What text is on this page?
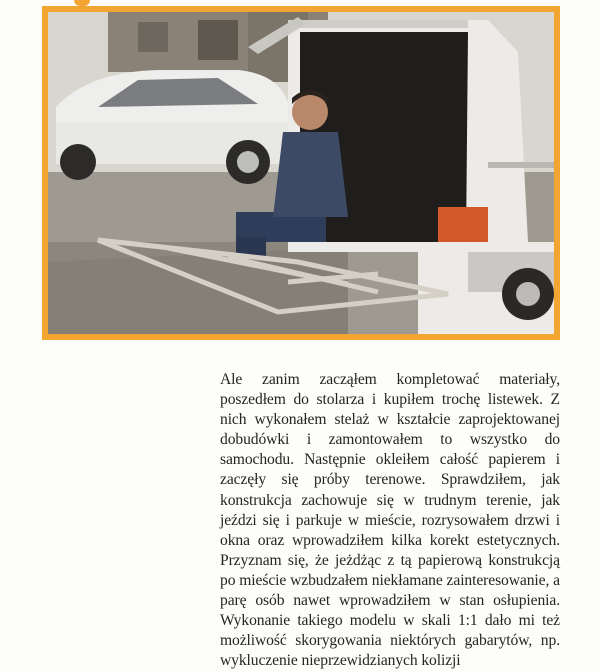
Ale zanim zacząłem kompletować materiały, poszedłem do stolarza i kupiłem trochę listewek. Z nich wykonałem stelaż w kształcie zaprojektowanej dobudówki i zamontowałem to wszystko do samochodu. Następnie okleiłem całość papierem i zaczęły się próby terenowe. Sprawdziłem, jak konstrukcja zachowuje się w trudnym terenie, jak jeździ się i parkuje w mieście, rozrysowałem drzwi i okna oraz wprowadziłem kilka korekt estetycznych. Przyznam się, że jeżdżąc z tą papierową konstrukcją po mieście wzbudzałem niekłamane zainteresowanie, a parę osób nawet wprowadziłem w stan osłupienia. Wykonanie takiego modelu w skali 1:1 dało mi też możliwość skorygowania niektórych gabarytów, np. wykluczenie nieprzewidzianych kolizji
